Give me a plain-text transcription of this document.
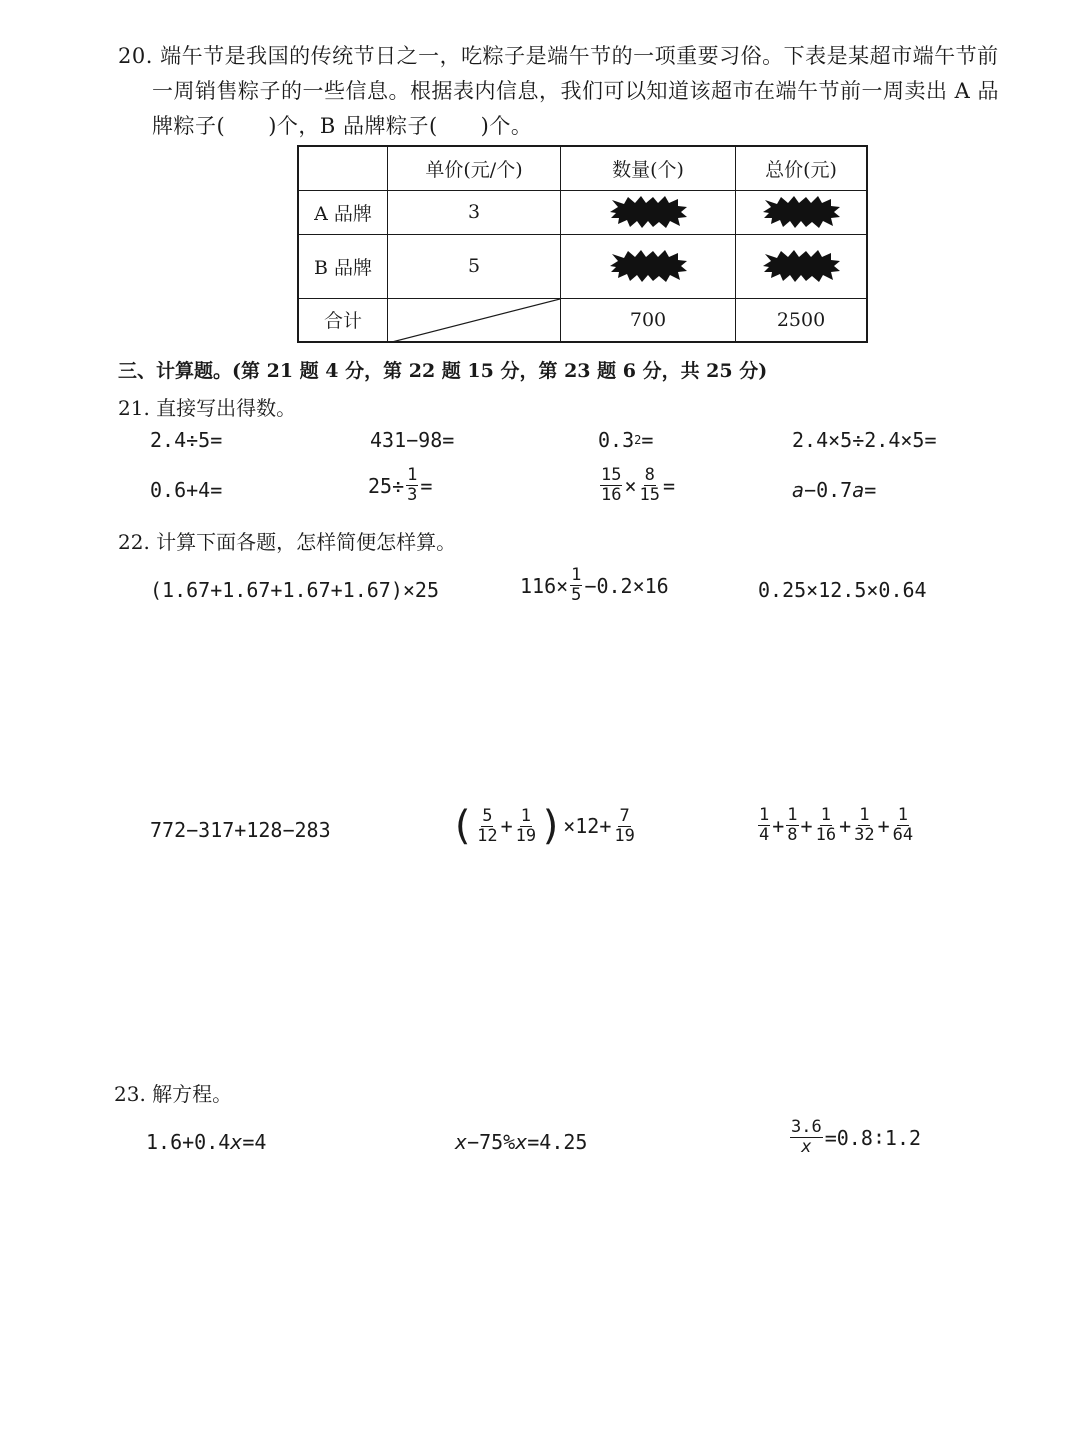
20. 端午节是我国的传统节日之一，吃粽子是端午节的一项重要习俗。下表是某超市端午节前
一周销售粽子的一些信息。根据表内信息，我们可以知道该超市在端午节前一周卖出 A 品
牌粽子(　　)个，B 品牌粽子(　　)个。
	单价(元/个)	数量(个)	总价(元)
A 品牌	3		
B 品牌	5		
合计		700	2500
三、计算题。(第 21 题 4 分，第 22 题 15 分，第 23 题 6 分，共 25 分)
21. 直接写出得数。
2.4÷5=	431−98=	0.3 2 =	2.4×5÷2.4×5=
0.6+4=	$25\div \frac{1}{3}$ =	$\frac{15}{16} \times \frac{8}{15}$ =	a −0.7 a =
22. 计算下面各题，怎样简便怎样算。
(1.67+1.67+1.67+1.67)×25	$116\times \frac{1}{5} -0.2\times 16$	0.25×12.5×0.64
772−317+128−283	( $\frac{5}{12} + \frac{1}{19}$ ) $\times 12+ \frac{7}{19}$	$\frac{1}{4} + \frac{1}{8} + \frac{1}{16} + \frac{1}{32} + \frac{1}{64}$
23. 解方程。
1.6+0.4 x =4	x −75% x =4.25	$\frac{3.6}{x}$ =0.8∶1.2
